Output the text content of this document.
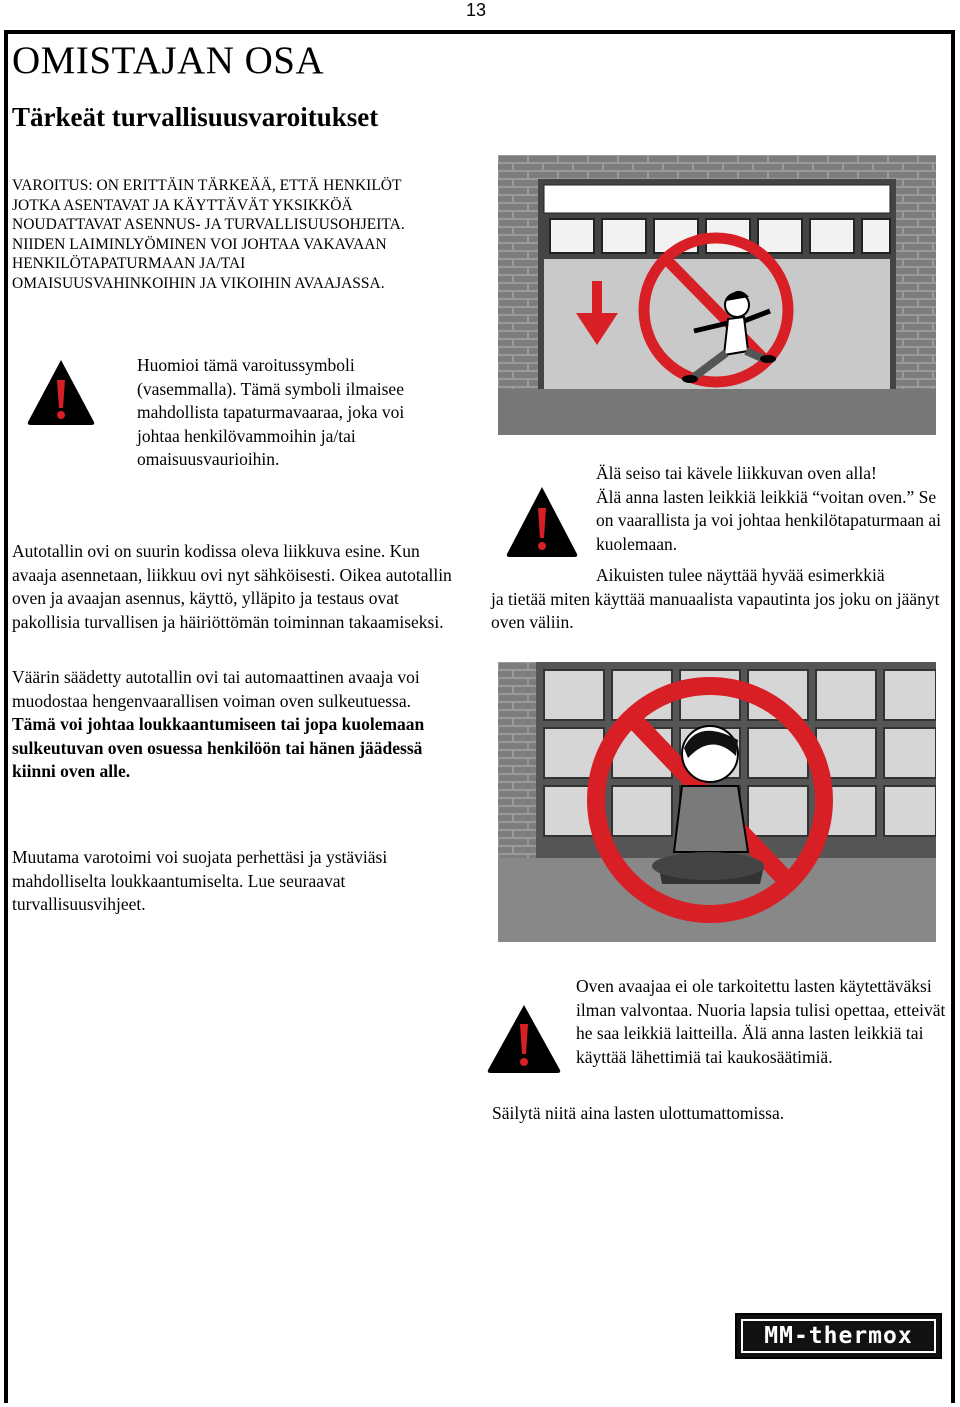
13
OMISTAJAN OSA
Tärkeät turvallisuusvaroitukset
VAROITUS: ON ERITTÄIN TÄRKEÄÄ, ETTÄ HENKILÖT JOTKA ASENTAVAT JA KÄYTTÄVÄT YKSIKKÖÄ NOUDATTAVAT ASENNUS- JA TURVALLISUUSOHJEITA. NIIDEN LAIMINLYÖMINEN VOI JOHTAA VAKAVAAN HENKILÖTAPATURMAAN JA/TAI OMAISUUSVAHINKOIHIN JA VIKOIHIN AVAAJASSA.
Huomioi tämä varoitussymboli (vasemmalla). Tämä symboli ilmaisee mahdollista tapaturmavaaraa, joka voi johtaa henkilövammoihin ja/tai omaisuusvaurioihin.
Autotallin ovi on suurin kodissa oleva liikkuva esine. Kun avaaja asennetaan, liikkuu ovi nyt sähköisesti. Oikea autotallin oven ja avaajan asennus, käyttö, ylläpito ja testaus ovat pakollisia turvallisen ja häiriöttömän toiminnan takaamiseksi.
Väärin säädetty autotallin ovi tai automaattinen avaaja voi muodostaa hengenvaarallisen voiman oven sulkeutuessa. Tämä voi johtaa loukkaantumiseen tai jopa kuolemaan sulkeutuvan oven osuessa henkilöön tai hänen jäädessä kiinni oven alle.
Muutama varotoimi voi suojata perhettäsi ja ystäviäsi mahdolliselta loukkaantumiselta. Lue seuraavat turvallisuusvihjeet.
Älä seiso tai kävele liikkuvan oven alla!
Älä anna lasten leikkiä leikkiä “voitan oven.” Se on vaarallista ja voi johtaa henkilötapaturmaan ai kuolemaan.
Aikuisten tulee näyttää hyvää esimerkkiä
ja tietää miten käyttää manuaalista vapautinta jos joku on jäänyt oven väliin.
Oven avaajaa ei ole tarkoitettu lasten käytettäväksi ilman valvontaa. Nuoria lapsia tulisi opettaa, etteivät he saa leikkiä laitteilla. Älä anna lasten leikkiä tai käyttää lähettimiä tai kaukosäätimiä.
Säilytä niitä aina lasten ulottumattomissa.
MM-thermox
